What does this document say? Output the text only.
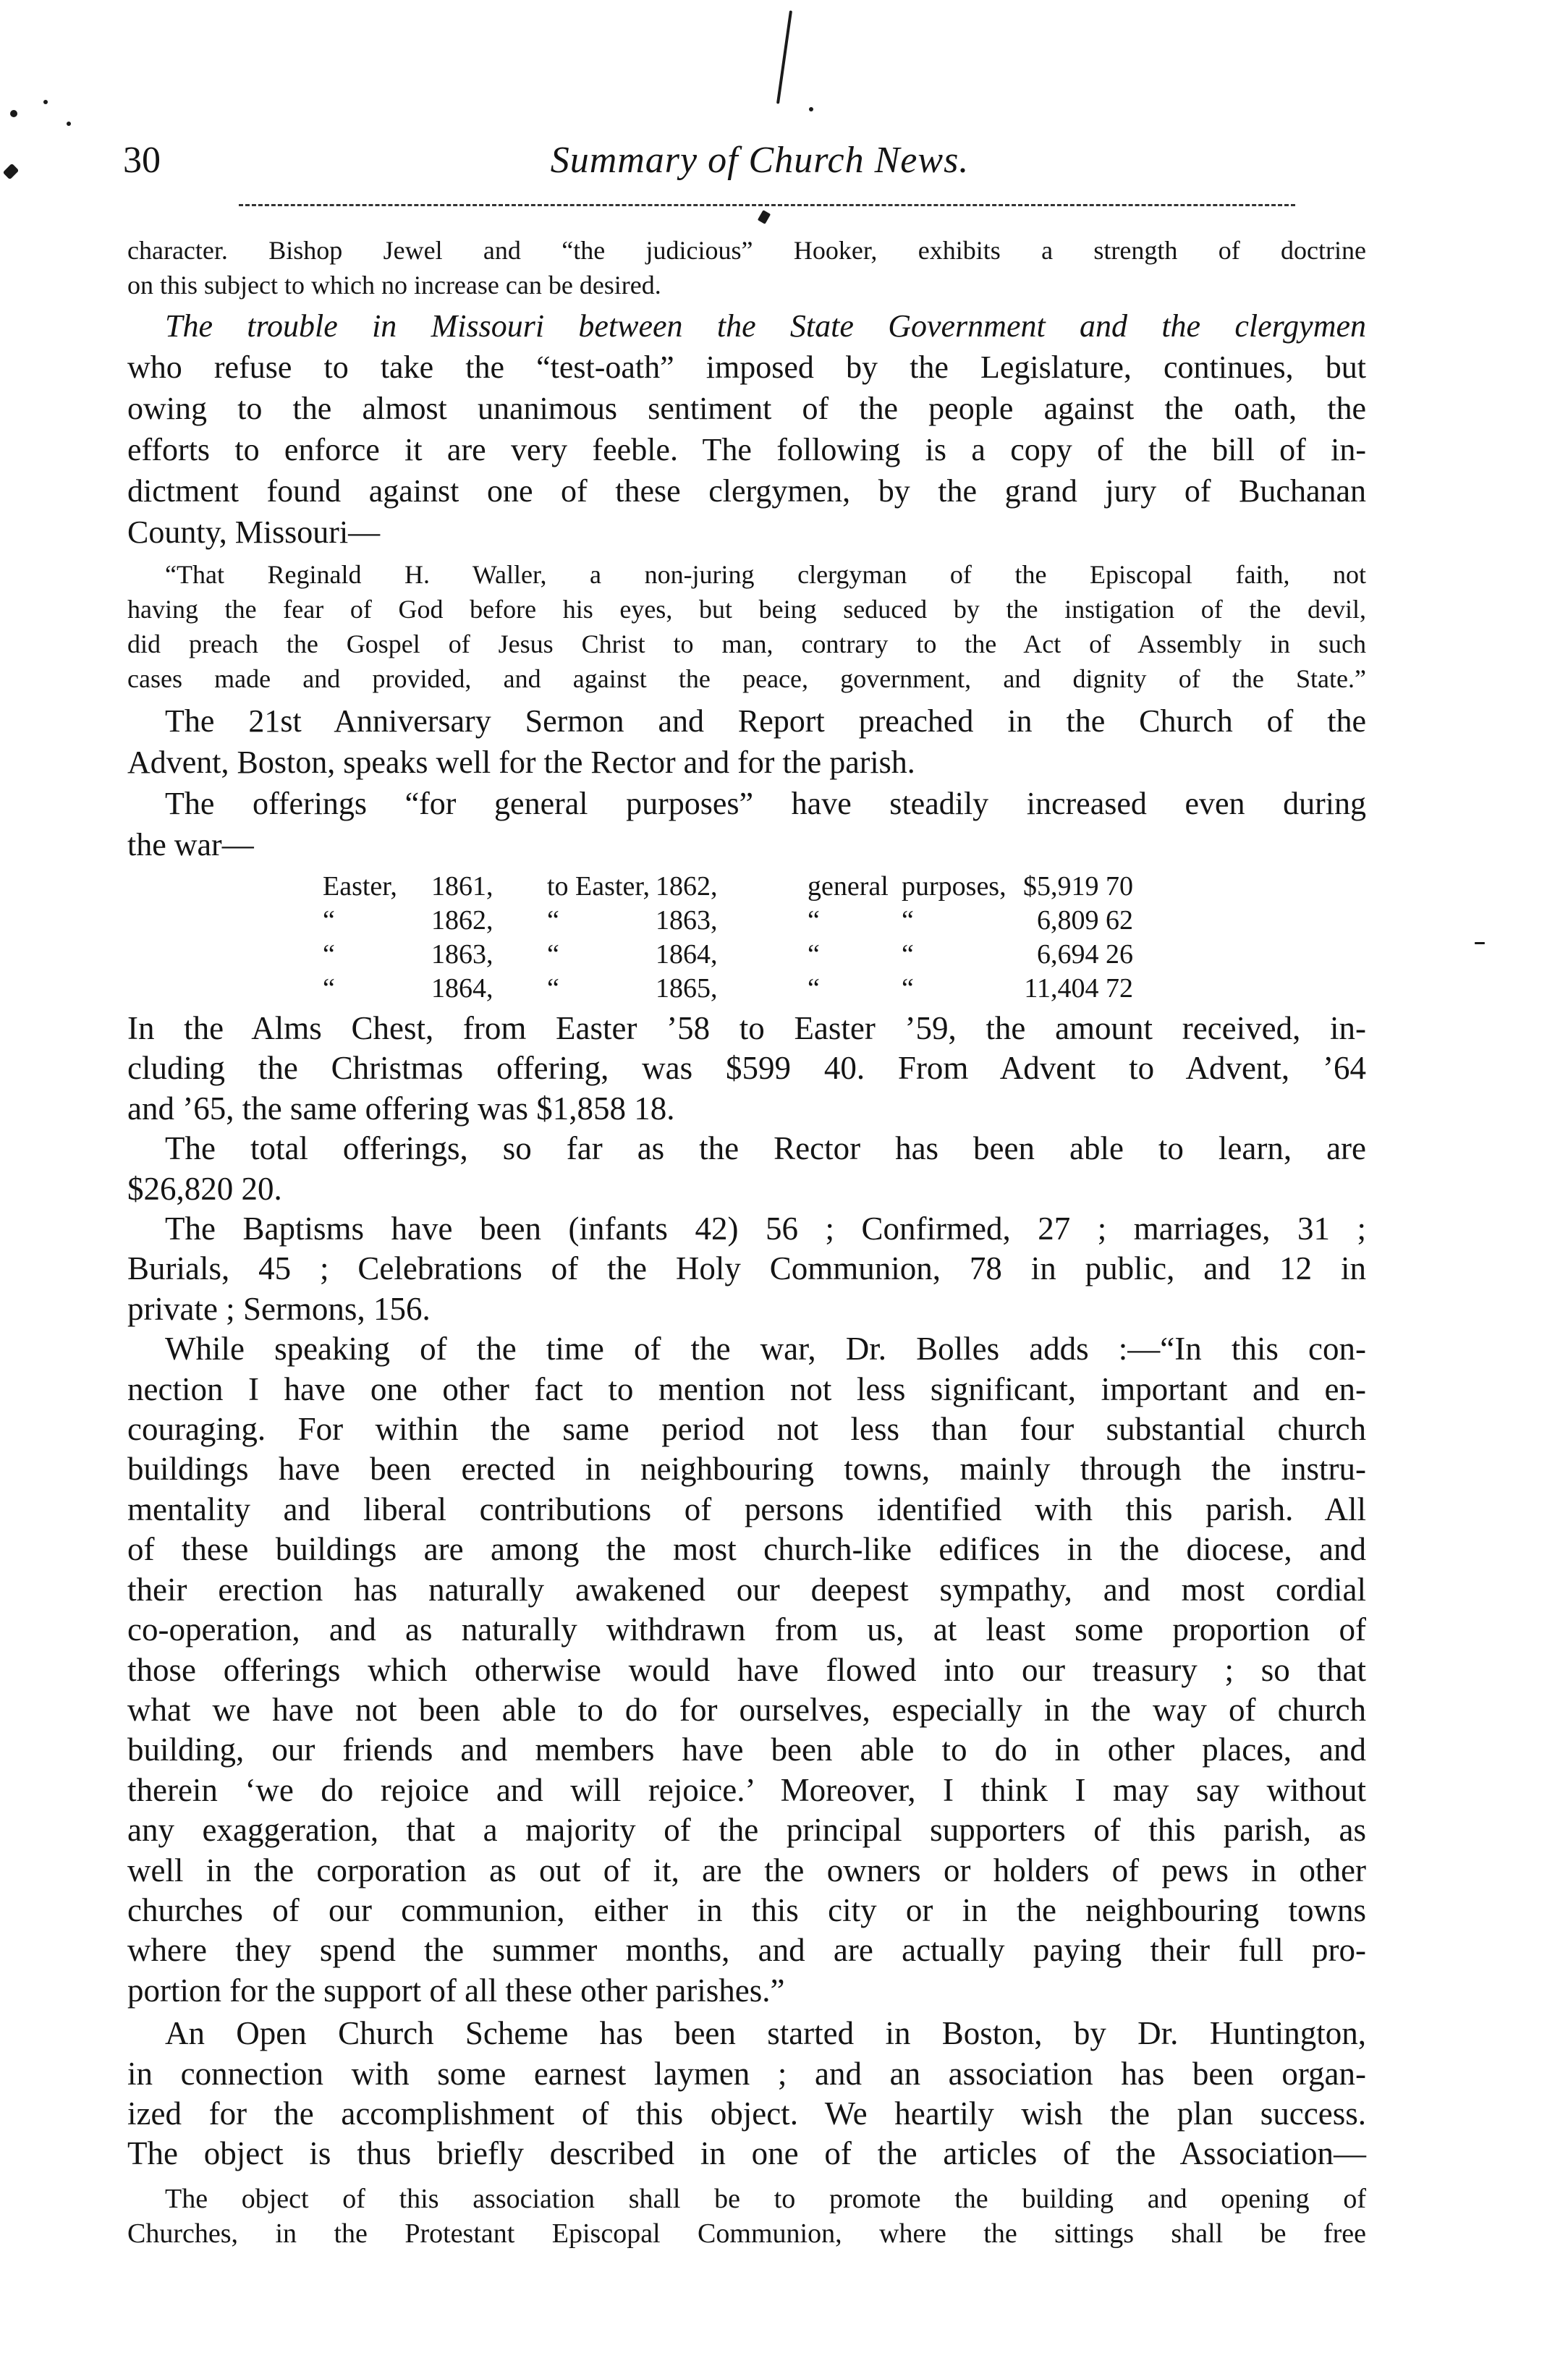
30	Summary of Church News.
character. Bishop Jewel and “the judicious” Hooker, exhibits a strength of doctrine
on this subject to which no increase can be desired.
The trouble in Missouri between the State Government and the clergymen
who refuse to take the “test-oath” imposed by the Legislature, continues, but
owing to the almost unanimous sentiment of the people against the oath, the
efforts to enforce it are very feeble. The following is a copy of the bill of in-
dictment found against one of these clergymen, by the grand jury of Buchanan
County, Missouri—
“That Reginald H. Waller, a non-juring clergyman of the Episcopal faith, not
having the fear of God before his eyes, but being seduced by the instigation of the devil,
did preach the Gospel of Jesus Christ to man, contrary to the Act of Assembly in such
cases made and provided, and against the peace, government, and dignity of the State.”
The 21st Anniversary Sermon and Report preached in the Church of the
Advent, Boston, speaks well for the Rector and for the parish.
The offerings “for general purposes” have steadily increased even during
the war—
Easter,	1861,	to Easter, 1862,	general purposes, $5,919 70
“	1862,	“	1863,	“	“	6,809 62
“	1863,	“	1864,	“	“	6,694 26
“	1864,	“	1865,	“	“	11,404 72
In the Alms Chest, from Easter ’58 to Easter ’59, the amount received, in-
cluding the Christmas offering, was $599 40. From Advent to Advent, ’64
and ’65, the same offering was $1,858 18.
The total offerings, so far as the Rector has been able to learn, are
$26,820 20.
The Baptisms have been (infants 42) 56 ; Confirmed, 27 ; marriages, 31 ;
Burials, 45 ; Celebrations of the Holy Communion, 78 in public, and 12 in
private ; Sermons, 156.
While speaking of the time of the war, Dr. Bolles adds :—“In this con-
nection I have one other fact to mention not less significant, important and en-
couraging. For within the same period not less than four substantial church
buildings have been erected in neighbouring towns, mainly through the instru-
mentality and liberal contributions of persons identified with this parish. All
of these buildings are among the most church-like edifices in the diocese, and
their erection has naturally awakened our deepest sympathy, and most cordial
co-operation, and as naturally withdrawn from us, at least some proportion of
those offerings which otherwise would have flowed into our treasury ; so that
what we have not been able to do for ourselves, especially in the way of church
building, our friends and members have been able to do in other places, and
therein ‘we do rejoice and will rejoice.’ Moreover, I think I may say without
any exaggeration, that a majority of the principal supporters of this parish, as
well in the corporation as out of it, are the owners or holders of pews in other
churches of our communion, either in this city or in the neighbouring towns
where they spend the summer months, and are actually paying their full pro-
portion for the support of all these other parishes.”
An Open Church Scheme has been started in Boston, by Dr. Huntington,
in connection with some earnest laymen ; and an association has been organ-
ized for the accomplishment of this object. We heartily wish the plan success.
The object is thus briefly described in one of the articles of the Association—
The object of this association shall be to promote the building and opening of
Churches, in the Protestant Episcopal Communion, where the sittings shall be free
